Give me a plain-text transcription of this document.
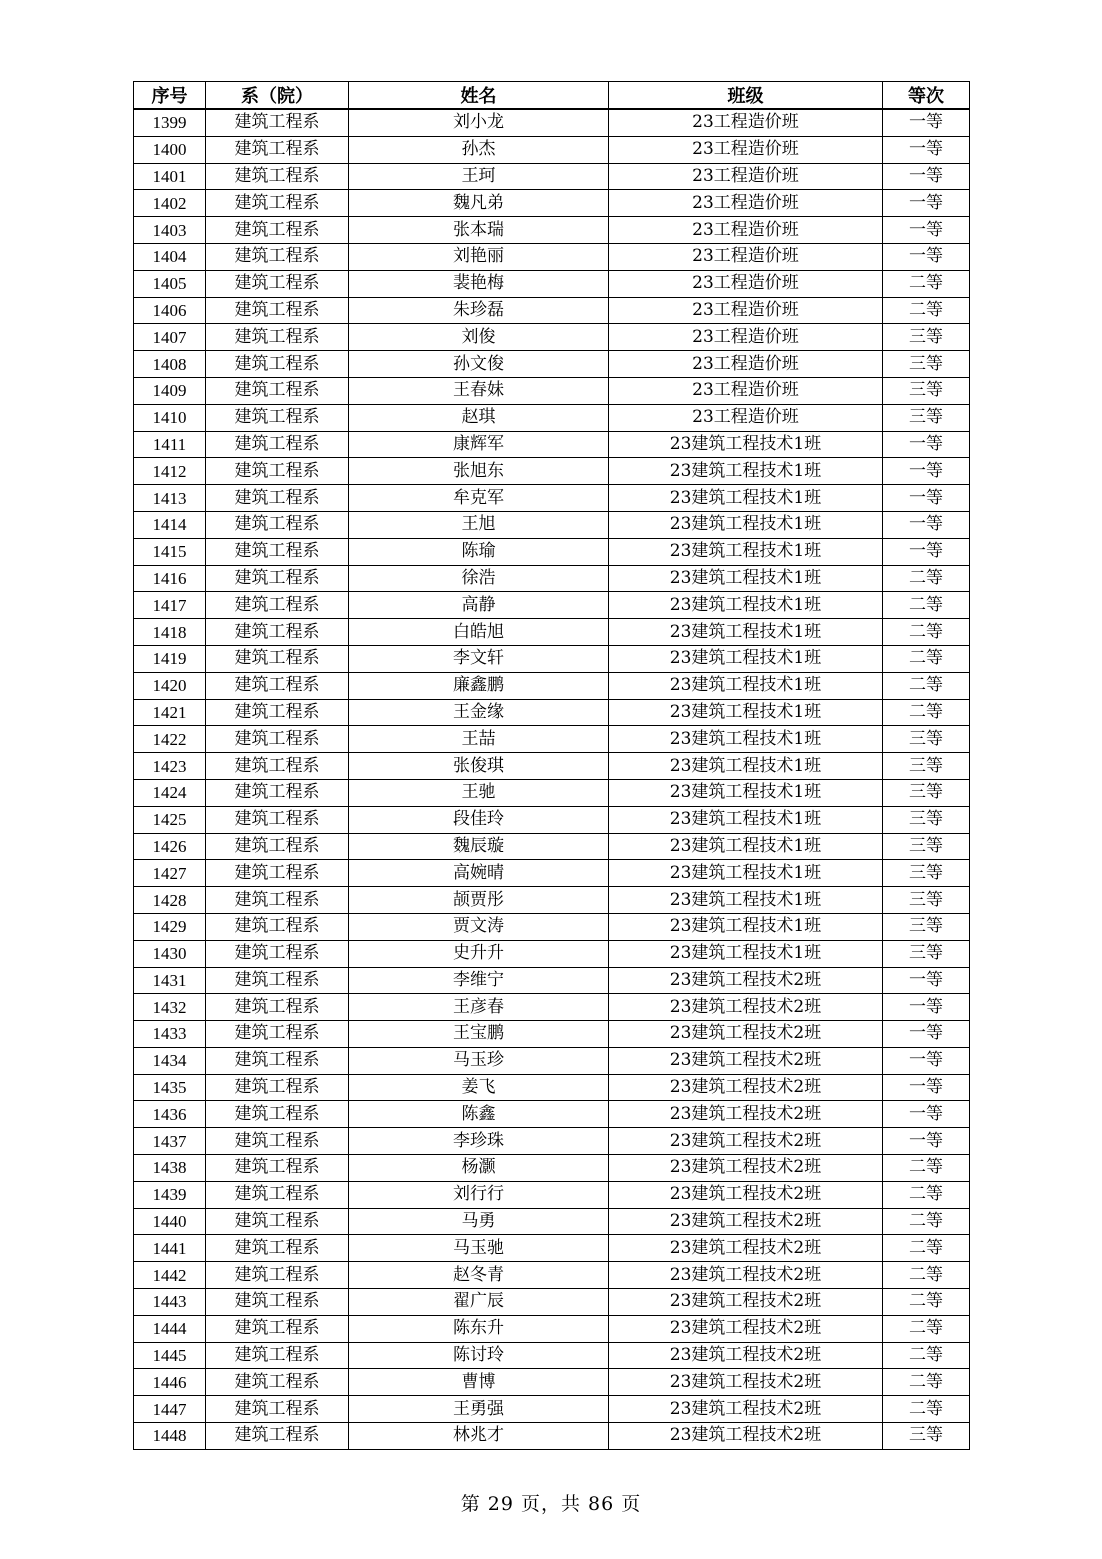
序号	系（院）	姓名	班级	等次
1399	建筑工程系	刘小龙	23工程造价班	一等
1400	建筑工程系	孙杰	23工程造价班	一等
1401	建筑工程系	王珂	23工程造价班	一等
1402	建筑工程系	魏凡弟	23工程造价班	一等
1403	建筑工程系	张本瑞	23工程造价班	一等
1404	建筑工程系	刘艳丽	23工程造价班	一等
1405	建筑工程系	裴艳梅	23工程造价班	二等
1406	建筑工程系	朱珍磊	23工程造价班	二等
1407	建筑工程系	刘俊	23工程造价班	三等
1408	建筑工程系	孙文俊	23工程造价班	三等
1409	建筑工程系	王春妹	23工程造价班	三等
1410	建筑工程系	赵琪	23工程造价班	三等
1411	建筑工程系	康辉军	23建筑工程技术1班	一等
1412	建筑工程系	张旭东	23建筑工程技术1班	一等
1413	建筑工程系	牟克军	23建筑工程技术1班	一等
1414	建筑工程系	王旭	23建筑工程技术1班	一等
1415	建筑工程系	陈瑜	23建筑工程技术1班	一等
1416	建筑工程系	徐浩	23建筑工程技术1班	二等
1417	建筑工程系	高静	23建筑工程技术1班	二等
1418	建筑工程系	白皓旭	23建筑工程技术1班	二等
1419	建筑工程系	李文轩	23建筑工程技术1班	二等
1420	建筑工程系	廉鑫鹏	23建筑工程技术1班	二等
1421	建筑工程系	王金缘	23建筑工程技术1班	二等
1422	建筑工程系	王喆	23建筑工程技术1班	三等
1423	建筑工程系	张俊琪	23建筑工程技术1班	三等
1424	建筑工程系	王驰	23建筑工程技术1班	三等
1425	建筑工程系	段佳玲	23建筑工程技术1班	三等
1426	建筑工程系	魏辰璇	23建筑工程技术1班	三等
1427	建筑工程系	高婉晴	23建筑工程技术1班	三等
1428	建筑工程系	颉贾彤	23建筑工程技术1班	三等
1429	建筑工程系	贾文涛	23建筑工程技术1班	三等
1430	建筑工程系	史升升	23建筑工程技术1班	三等
1431	建筑工程系	李维宁	23建筑工程技术2班	一等
1432	建筑工程系	王彦春	23建筑工程技术2班	一等
1433	建筑工程系	王宝鹏	23建筑工程技术2班	一等
1434	建筑工程系	马玉珍	23建筑工程技术2班	一等
1435	建筑工程系	姜飞	23建筑工程技术2班	一等
1436	建筑工程系	陈鑫	23建筑工程技术2班	一等
1437	建筑工程系	李珍珠	23建筑工程技术2班	一等
1438	建筑工程系	杨灏	23建筑工程技术2班	二等
1439	建筑工程系	刘行行	23建筑工程技术2班	二等
1440	建筑工程系	马勇	23建筑工程技术2班	二等
1441	建筑工程系	马玉驰	23建筑工程技术2班	二等
1442	建筑工程系	赵冬青	23建筑工程技术2班	二等
1443	建筑工程系	翟广辰	23建筑工程技术2班	二等
1444	建筑工程系	陈东升	23建筑工程技术2班	二等
1445	建筑工程系	陈讨玲	23建筑工程技术2班	二等
1446	建筑工程系	曹博	23建筑工程技术2班	二等
1447	建筑工程系	王勇强	23建筑工程技术2班	二等
1448	建筑工程系	林兆才	23建筑工程技术2班	三等
第 29 页，共 86 页
